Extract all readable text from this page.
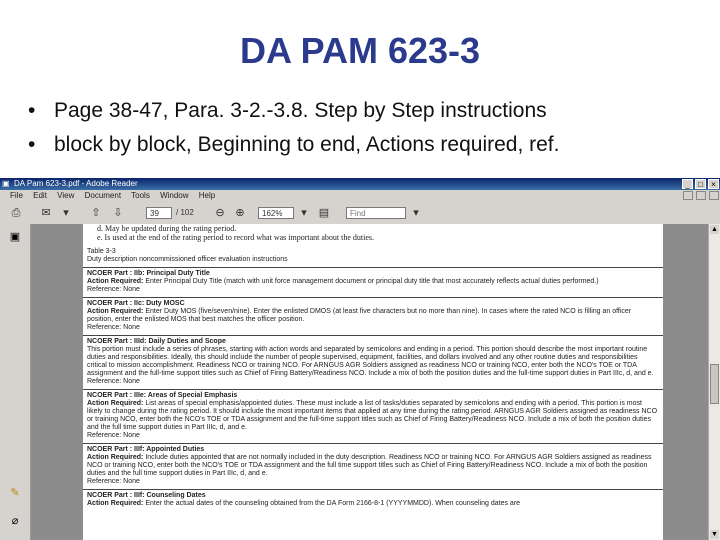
DA PAM 623-3
• Page 38-47, Para. 3-2.-3.8. Step by Step instructions
• block by block, Beginning to end, Actions required, ref.
▣ DA Pam 623-3.pdf - Adobe Reader	_	□	×
File Edit View Document Tools Window Help
⎙	✉	▾	⇧	⇩	39	/ 102	⊖ ⊕	162%	▾	▤	Find	▾
▣
✎
⌀
d. May be updated during the rating period.
e. Is used at the end of the rating period to record what was important about the duties.
Table 3-3
Duty description noncommissioned officer evaluation instructions
NCOER Part : IIb: Principal Duty Title
Action Required: Enter Principal Duty Title (match with unit force management document or principal duty title that most accurately reflects actual duties performed.)
Reference: None
NCOER Part : IIc: Duty MOSC
Action Required: Enter Duty MOS (five/seven/nine). Enter the enlisted DMOS (at least five characters but no more than nine). In cases where the rated NCO is filling an officer position, enter the enlisted MOS that best matches the officer position.
Reference: None
NCOER Part : IIId: Daily Duties and Scope
This portion must include a series of phrases, starting with action words and separated by semicolons and ending in a period. This portion should describe the most important routine duties and responsibilities. Ideally, this should include the number of people supervised, equipment, facilities, and dollars involved and any other routine duties and responsibilities critical to mission accomplishment. Readiness NCO or training NCO. For ARNGUS AGR Soldiers assigned as readiness NCO or training NCO, enter both the NCO's TOE or TDA assignment and the full-time support titles such as Chief of Firing Battery/Readiness NCO. Include a mix of both the position duties and the full-time support duties in Part IIIc, d, and e.
Reference: None
NCOER Part : IIIe: Areas of Special Emphasis
Action Required: List areas of special emphasis/appointed duties. These must include a list of tasks/duties separated by semicolons and ending with a period. This portion is most likely to change during the rating period. It should include the most important items that applied at any time during the rating period. ARNGUS AGR Soldiers assigned as readiness NCO or training NCO, enter both the NCO's TOE or TDA assignment and the full-time support titles such as Chief of Firing Battery/Readiness NCO. Include a mix of both the position duties and the full time support duties in Part IIIc, d, and e.
Reference: None
NCOER Part : IIIf: Appointed Duties
Action Required: Include duties appointed that are not normally included in the duty description. Readiness NCO or training NCO. For ARNGUS AGR Soldiers assigned as readiness NCO or training NCO, enter both the NCO's TOE or TDA assignment and the full time support titles such as Chief of Firing Battery/Readiness NCO. Include a mix of both the position duties and the full time support duties in Part IIIc, d, and e.
Reference: None
NCOER Part : IIIf: Counseling Dates
Action Required: Enter the actual dates of the counseling obtained from the DA Form 2166-8-1 (YYYYMMDD). When counseling dates are
▲
▼
